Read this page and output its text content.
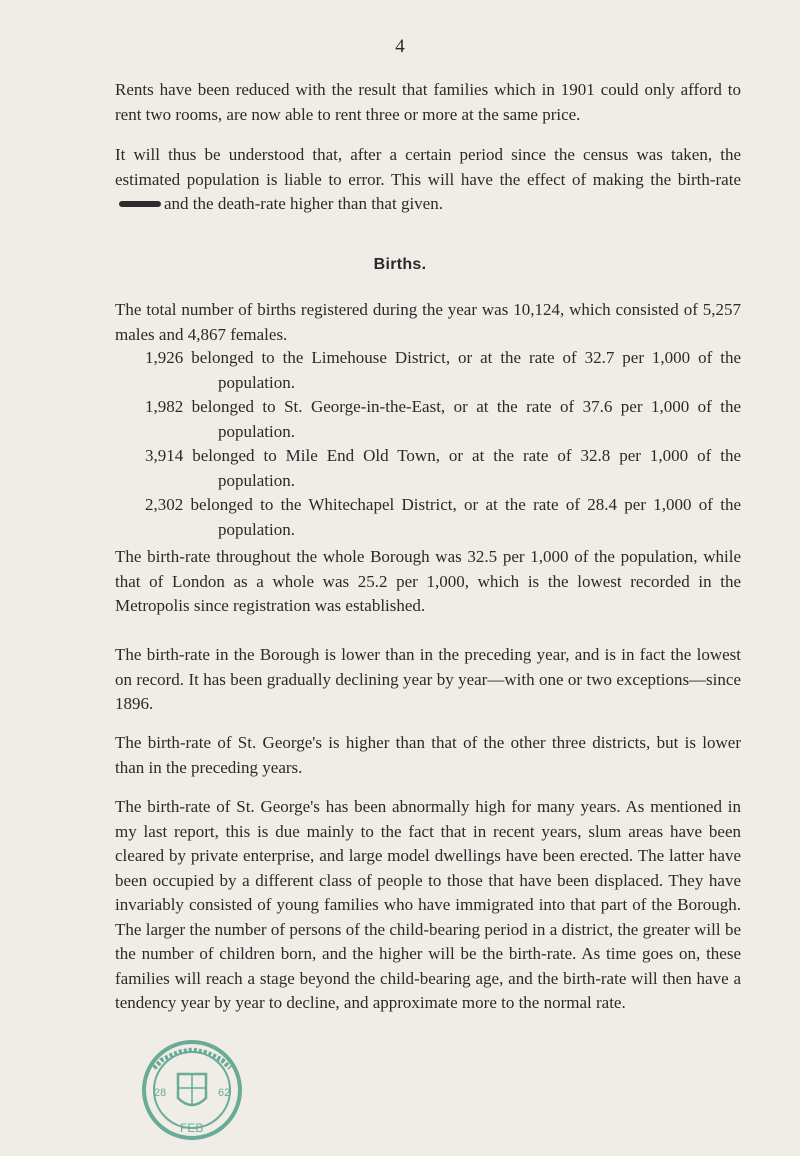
4

Rents have been reduced with the result that families which in 1901 could only afford to rent two rooms, are now able to rent three or more at the same price.

It will thus be understood that, after a certain period since the census was taken, the estimated population is liable to error. This will have the effect of making the birth-rateand the death-rate higher than that given.

Births.

The total number of births registered during the year was 10,124, which consisted of 5,257 males and 4,867 females.

1,926 belonged to the Limehouse District, or at the rate of 32.7 per 1,000 of the population.
1,982 belonged to St. George-in-the-East, or at the rate of 37.6 per 1,000 of the population.
3,914 belonged to Mile End Old Town, or at the rate of 32.8 per 1,000 of the population.
2,302 belonged to the Whitechapel District, or at the rate of 28.4 per 1,000 of the population.

The birth-rate throughout the whole Borough was 32.5 per 1,000 of the population, while that of London as a whole was 25.2 per 1,000, which is the lowest recorded in the Metropolis since registration was established.

The birth-rate in the Borough is lower than in the preceding year, and is in fact the lowest on record. It has been gradually declining year by year—with one or two exceptions—since 1896.

The birth-rate of St. George's is higher than that of the other three districts, but is lower than in the preceding years.

The birth-rate of St. George's has been abnormally high for many years. As mentioned in my last report, this is due mainly to the fact that in recent years, slum areas have been cleared by private enterprise, and large model dwellings have been erected. The latter have been occupied by a different class of people to those that have been displaced. They have invariably consisted of young families who have immigrated into that part of the Borough. The larger the number of persons of the child-bearing period in a district, the greater will be the number of children born, and the higher will be the birth-rate. As time goes on, these families will reach a stage beyond the child-bearing age, and the birth-rate will then have a tendency year by year to decline, and approximate more to the normal rate.

28	62
FEB
